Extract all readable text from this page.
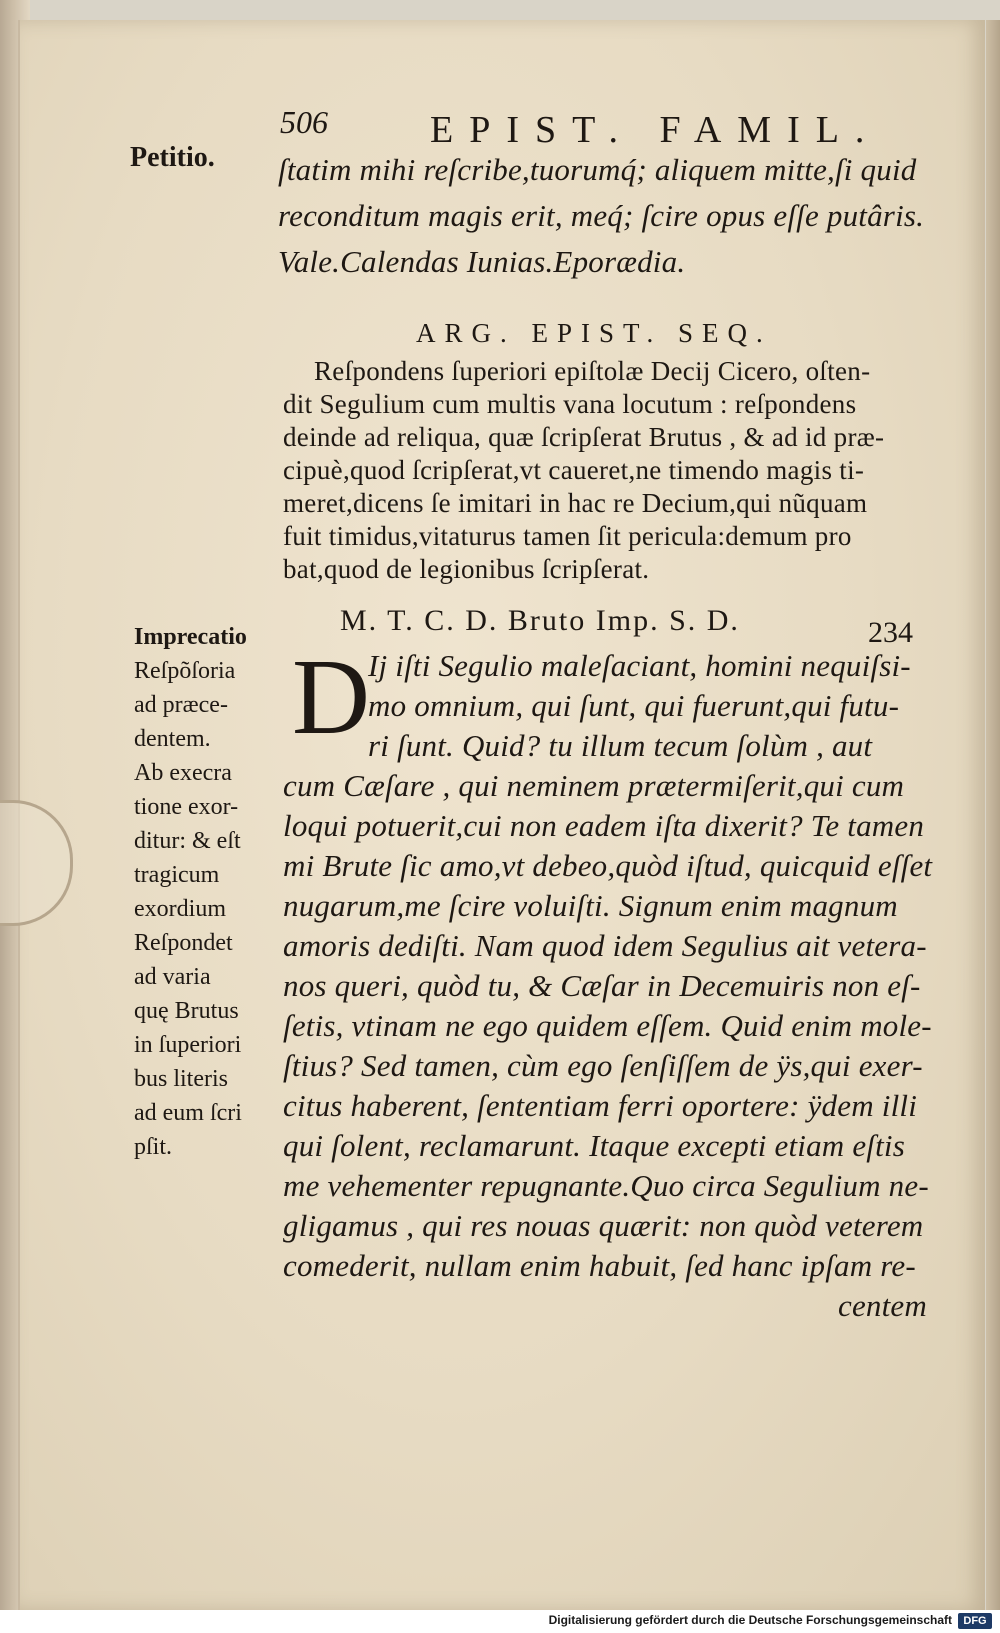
506	EPIST. FAMIL.
Petitio. ſtatim mihi reſcribe,tuorumq́; aliquem mitte,ſi quid
reconditum magis erit, meq́; ſcire opus eſſe putâris.
Vale.Calendas Iunias.Eporædia.
ARG. EPIST. SEQ.
Reſpondens ſuperiori epiſtolæ Decij Cicero, oſten-
dit Segulium cum multis vana locutum : reſpondens
deinde ad reliqua, quæ ſcripſerat Brutus , & ad id præ-
cipuè,quod ſcripſerat,vt caueret,ne timendo magis ti-
meret,dicens ſe imitari in hac re Decium,qui nũquam
fuit timidus,vitaturus tamen ſit pericula:demum pro
bat,quod de legionibus ſcripſerat.
M. T. C. D. Bruto Imp. S. D.	234
D
Ij iſti Segulio maleſaciant, homini nequiſsi-
mo omnium, qui ſunt, qui fuerunt,qui futu-
ri ſunt. Quid? tu illum tecum ſolùm , aut
cum Cæſare , qui neminem prætermiſerit,qui cum
loqui potuerit,cui non eadem iſta dixerit? Te tamen
mi Brute ſic amo,vt debeo,quòd iſtud, quicquid eſſet
nugarum,me ſcire voluiſti. Signum enim magnum
amoris dediſti. Nam quod idem Segulius ait vetera-
nos queri, quòd tu, & Cæſar in Decemuiris non eſ-
ſetis, vtinam ne ego quidem eſſem. Quid enim mole-
ſtius? Sed tamen, cùm ego ſenſiſſem de ÿs,qui exer-
citus haberent, ſententiam ferri oportere: ÿdem illi
qui ſolent, reclamarunt. Itaque excepti etiam eſtis
me vehementer repugnante.Quo circa Segulium ne-
gligamus , qui res nouas quærit: non quòd veterem
comederit, nullam enim habuit, ſed hanc ipſam re-
centem
Imprecatio
Reſpõſoria
ad præce-
dentem.
Ab execra
tione exor-
ditur: & eſt
tragicum
exordium
Reſpondet
ad varia
quę Brutus
in ſuperiori
bus literis
ad eum ſcri
pſit.
Digitalisierung gefördert durch die Deutsche Forschungsgemeinschaft	DFG
